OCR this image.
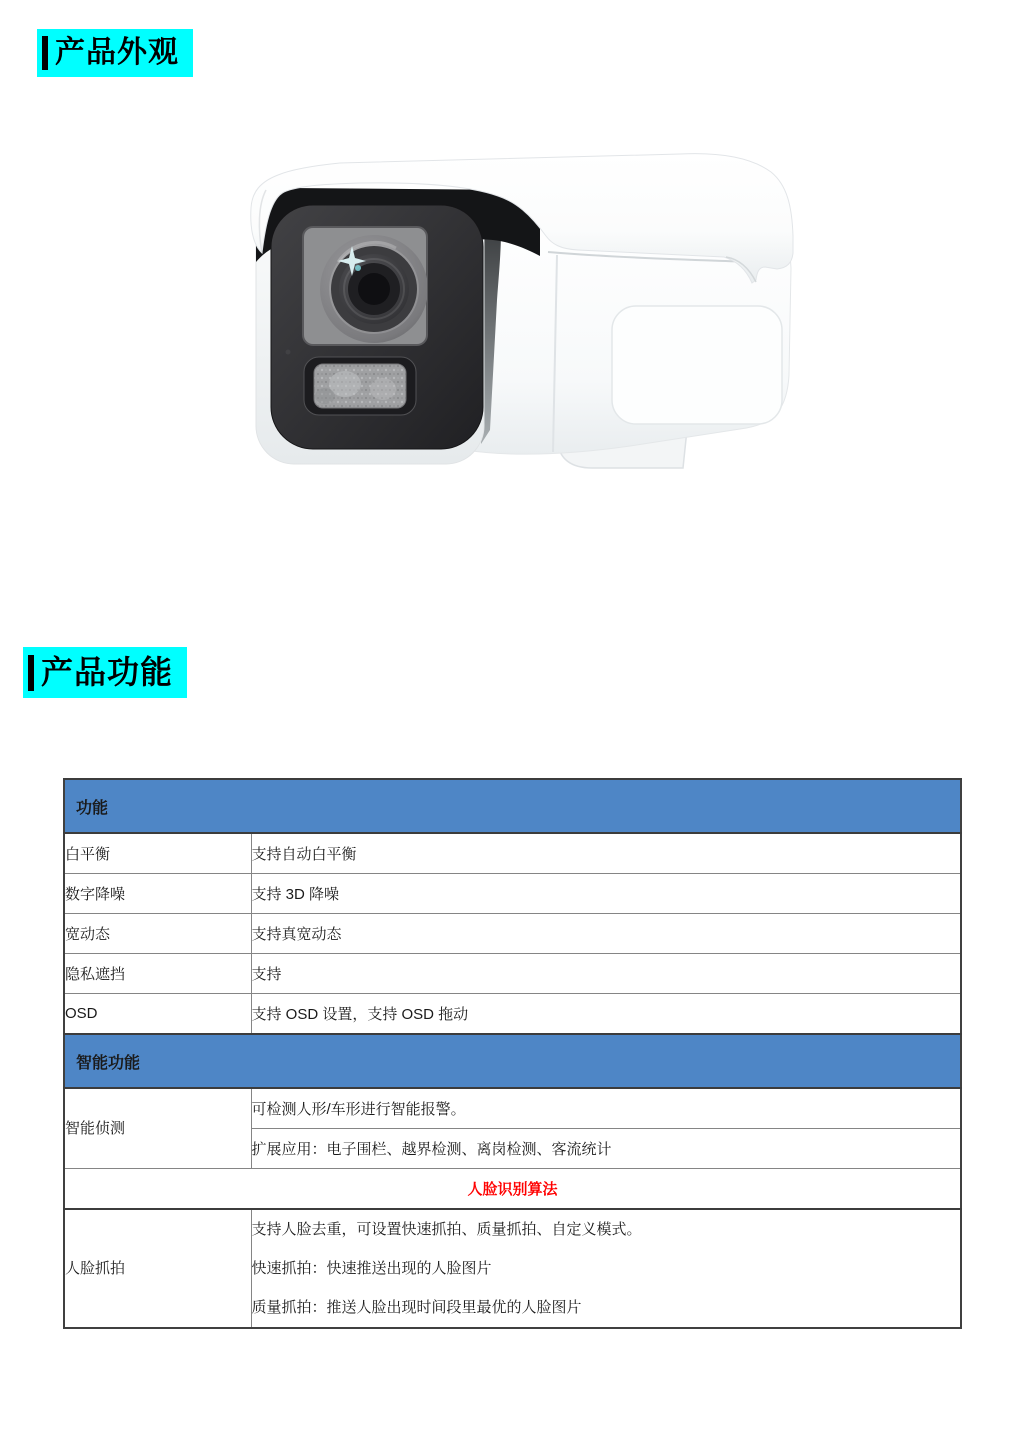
产品外观
产品功能
功能	
白平衡	支持自动白平衡
数字降噪	支持 3D 降噪
宽动态	支持真宽动态
隐私遮挡	支持
OSD	支持 OSD 设置，支持 OSD 拖动
智能功能	
智能侦测	可检测人形/车形进行智能报警。
	扩展应用：电子围栏、越界检测、离岗检测、客流统计
人脸识别算法	
人脸抓拍	支持人脸去重，可设置快速抓拍、质量抓拍、自定义模式。
快速抓拍：快速推送出现的人脸图片
质量抓拍：推送人脸出现时间段里最优的人脸图片
